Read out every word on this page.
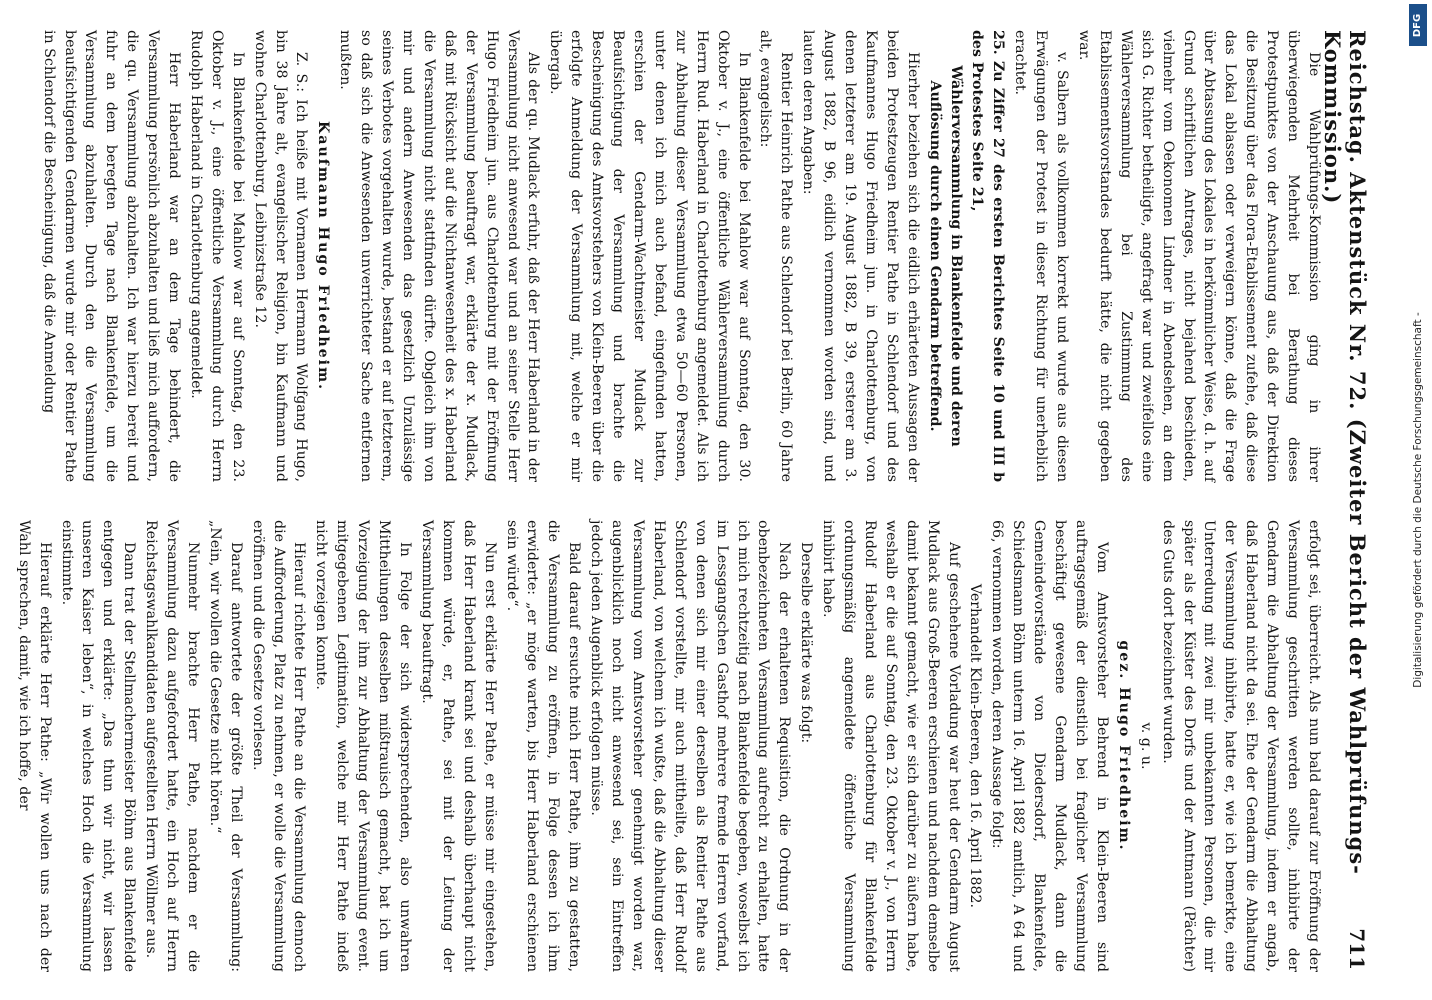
Reichstag. Aktenstück Nr. 72. (Zweiter Bericht der Wahlprüfungs-Kommission.)
711

Die Wahlprüfungs-Kommission ging in ihrer überwiegenden Mehrheit bei Berathung dieses Protestpunktes von der Anschauung aus, daß der Direktion die Besitzung über das Flora-Etablissement zufehe, daß diese das Lokal ablassen oder verweigern könne, daß die Frage über Abtassung des Lokales in herkömmlicher Weise, d. h. auf Grund schriftlichen Antrages, nicht bejahend beschieden, vielmehr vom Oekonomen Lindner in Abendsehen, an dem sich G. Richter betheiligte, angefragt war und zweifellos eine Wählerversammlung bei Zustimmung des Etablissementsvorstandes bedurft hätte, die nicht gegeben war.

v. Salbern als vollkommen korrekt und wurde aus diesen Erwägungen der Protest in dieser Richtung für unerheblich erachtet.

25. Zu Ziffer 27 des ersten Berichtes Seite 10 und III b des Protestes Seite 21,

Wählerversammlung in Blankenfelde und deren Auflösung durch einen Gendarm betreffend.

Hierher beziehen sich die eidlich erhärteten Aussagen der beiden Protestzeugen Rentier Pathe in Schlendorf und des Kaufmannes Hugo Friedheim jun. in Charlottenburg, von denen letzterer am 19. August 1882, B 39, ersterer am 3. August 1882, B 96, eidlich vernommen worden sind, und lauten deren Angaben:

Rentier Heinrich Pathe aus Schlendorf bei Berlin, 60 Jahre alt, evangelisch:

In Blankenfelde bei Mahlow war auf Sonntag, den 30. Oktober v. J., eine öffentliche Wählerversammlung durch Herrn Rud. Haberland in Charlottenburg angemeldet. Als ich zur Abhaltung dieser Versammlung etwa 50—60 Personen, unter denen ich mich auch befand, eingefunden hatten, erschien der Gendarm-Wachtmeister Mudlack zur Beaufsichtigung der Versammlung und brachte die Bescheinigung des Amtsvorstehers von Klein-Beeren über die erfolgte Anmeldung der Versammlung mit, welche er mir übergab.

Als der qu. Mudlack erfuhr, daß der Herr Haberland in der Versammlung nicht anwesend war und an seiner Stelle Herr Hugo Friedheim jun. aus Charlottenburg mit der Eröffnung der Versammlung beauftragt war, erklärte der x. Mudlack, daß mit Rücksicht auf die Nichtanwesenheit des x. Haberland die Versammlung nicht stattfinden dürfte. Obgleich ihm von mir und andern Anwesenden das gesetzlich Unzulässige seines Verbotes vorgehalten wurde, bestand er auf letzterem, so daß sich die Anwesenden unverrichteter Sache entfernen mußten.

Kaufmann Hugo Friedheim.

Z. S.: Ich heiße mit Vornamen Hermann Wolfgang Hugo, bin 38 Jahre alt, evangelischer Religion, bin Kaufmann und wohne Charlottenburg, Leibnizstraße 12.

In Blankenfelde bei Mahlow war auf Sonntag, den 23. Oktober v. J., eine öffentliche Versammlung durch Herrn Rudolph Haberland in Charlottenburg angemeldet.

Herr Haberland war an dem Tage behindert, die Versammlung persönlich abzuhalten und ließ mich auffordern, die qu. Versammlung abzuhalten. Ich war hierzu bereit und fuhr an dem beregten Tage nach Blankenfelde, um die Versammlung abzuhalten. Durch den die Versammlung beaufsichtigenden Gendarmen wurde mir oder Rentier Pathe in Schlendorf die Bescheinigung, daß die Anmeldung

erfolgt sei, überreicht. Als nun bald darauf zur Eröffnung der Versammlung geschritten werden sollte, inhibirte der Gendarm die Abhaltung der Versammlung, indem er angab, daß Haberland nicht da sei. Ehe der Gendarm die Abhaltung der Versammlung inhibirte, hatte er, wie ich bemerkte, eine Unterredung mit zwei mir unbekannten Personen, die mir später als der Küster des Dorfs und der Amtmann (Pächter) des Guts dort bezeichnet wurden.

v. g. u.

gez. Hugo Friedheim.

Vom Amtsvorsteher Behrend in Klein-Beeren sind auftragsgemäß der dienstlich bei fraglicher Versammlung beschäftigt gewesene Gendarm Mudlack, dann die Gemeindevorstände von Diedersdorf, Blankenfelde, Schiedsmann Böhm unterm 16. April 1882 amtlich, A 64 und 66, vernommen worden, deren Aussage folgt:

Verhandelt Klein-Beeren, den 16. April 1882.

Auf geschehene Vorladung war heut der Gendarm August Mudlack aus Groß-Beeren erschienen und nachdem demselbe damit bekannt gemacht, wie er sich darüber zu äußern habe, weshalb er die auf Sonntag, den 23. Oktober v. J., von Herrn Rudolf Haberland aus Charlottenburg für Blankenfelde ordnungsmäßig angemeldete öffentliche Versammlung inhibirt habe.

Derselbe erklärte was folgt:

Nach der erhaltenen Requisition, die Ordnung in der obenbezeichneten Versammlung aufrecht zu erhalten, hatte ich mich rechtzeitig nach Blankenfelde begeben, woselbst ich im Lessgangschen Gasthof mehrere fremde Herren vorfand, von denen sich mir einer derselben als Rentier Pathe aus Schlendorf vorstellte, mir auch mittheilte, daß Herr Rudolf Haberland, von welchem ich wußte, daß die Abhaltung dieser Versammlung vom Amtsvorsteher genehmigt worden war, augenblicklich noch nicht anwesend sei, sein Eintreffen jedoch jeden Augenblick erfolgen müsse.

Bald darauf ersuchte mich Herr Pathe, ihm zu gestatten, die Versammlung zu eröffnen, in Folge dessen ich ihm erwiderte: „er möge warten, bis Herr Haberland erschienen sein würde“.

Nun erst erklärte Herr Pathe, er müsse mir eingestehen, daß Herr Haberland krank sei und deshalb überhaupt nicht kommen würde, er, Pathe, sei mit der Leitung der Versammlung beauftragt.

In Folge der sich widersprechenden, also unwahren Mittheilungen desselben mißtrauisch gemacht, bat ich um Vorzeigung der ihm zur Abhaltung der Versammlung event. mitgegebenen Legitimation, welche mir Herr Pathe indeß nicht vorzeigen konnte.

Hierauf richtete Herr Pathe an die Versammlung dennoch die Aufforderung, Platz zu nehmen, er wolle die Versammlung eröffnen und die Gesetze vorlesen.

Darauf antwortete der größte Theil der Versammlung: „Nein, wir wollen die Gesetze nicht hören.“

Nunmehr brachte Herr Pathe, nachdem er die Versammlung dazu aufgefordert hatte, ein Hoch auf Herrn Reichstagswahlkandidaten aufgestellten Herrn Wöllmer aus.

Dann trat der Stellmachermeister Böhm aus Blankenfelde entgegen und erklärte: „Das thun wir nicht, wir lassen unseren Kaiser leben“, in welches Hoch die Versammlung einstimmte.

Hierauf erklärte Herr Pathe: „Wir wollen uns nach der Wahl sprechen, damit, wie ich hoffe, der

DFG
Digitalisierung gefördert durch die Deutsche Forschungsgemeinschaft -
